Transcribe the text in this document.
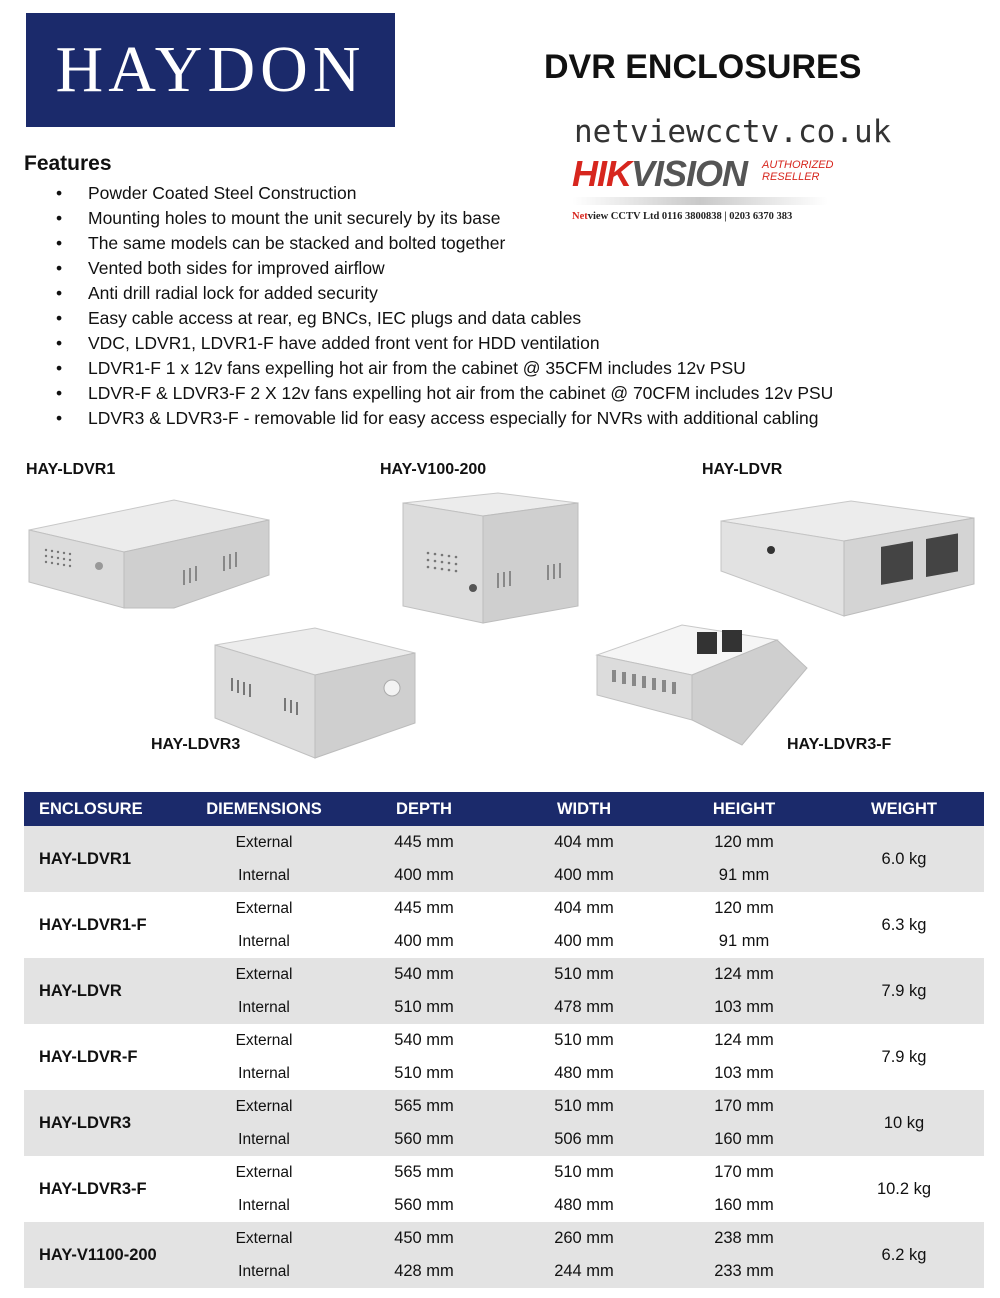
HAYDON	DVR ENCLOSURES
netviewcctv.co.uk
HIKVISION AUTHORIZED
RESELLER
Netview CCTV Ltd 0116 3800838 | 0203 6370 383
Features
• Powder Coated Steel Construction
• Mounting holes to mount the unit securely by its base
• The same models can be stacked and bolted together
• Vented both sides for improved airflow
• Anti drill radial lock for added security
• Easy cable access at rear, eg BNCs, IEC plugs and data cables
• VDC, LDVR1, LDVR1-F have added front vent for HDD ventilation
• LDVR1-F 1 x 12v fans expelling hot air from the cabinet @ 35CFM includes 12v PSU
• LDVR-F & LDVR3-F 2 X 12v fans expelling hot air from the cabinet @ 70CFM includes 12v PSU
• LDVR3 & LDVR3-F - removable lid for easy access especially for NVRs with additional cabling
HAY-LDVR1	HAY-V100-200	HAY-LDVR
HAY-LDVR3	HAY-LDVR3-F
ENCLOSURE	DIEMENSIONS	DEPTH	WIDTH	HEIGHT	WEIGHT
HAY-LDVR1	External	445 mm	404 mm	120 mm	6.0 kg
	Internal	400 mm	400 mm	91 mm	
HAY-LDVR1-F	External	445 mm	404 mm	120 mm	6.3 kg
	Internal	400 mm	400 mm	91 mm	
HAY-LDVR	External	540 mm	510 mm	124 mm	7.9 kg
	Internal	510 mm	478 mm	103 mm	
HAY-LDVR-F	External	540 mm	510 mm	124 mm	7.9 kg
	Internal	510 mm	480 mm	103 mm	
HAY-LDVR3	External	565 mm	510 mm	170 mm	10 kg
	Internal	560 mm	506 mm	160 mm	
HAY-LDVR3-F	External	565 mm	510 mm	170 mm	10.2 kg
	Internal	560 mm	480 mm	160 mm	
HAY-V1100-200	External	450 mm	260 mm	238 mm	6.2 kg
	Internal	428 mm	244 mm	233 mm	
